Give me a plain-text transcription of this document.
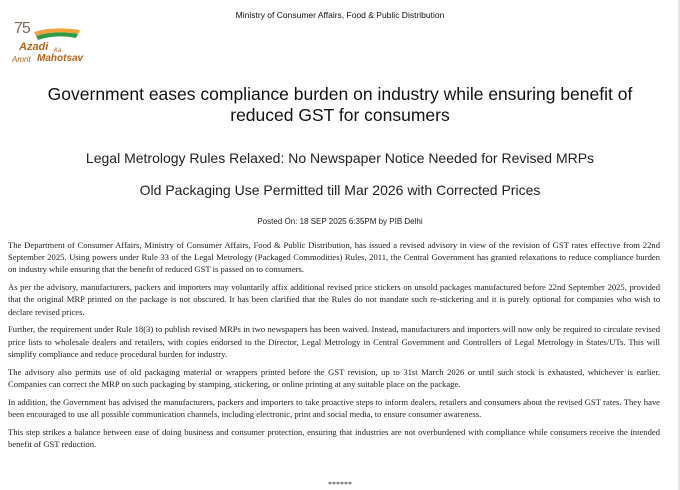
Ministry of Consumer Affairs, Food & Public Distribution
75
Azadi Ka
Amrit Mahotsav
Government eases compliance burden on industry while ensuring benefit of reduced GST for consumers
Legal Metrology Rules Relaxed: No Newspaper Notice Needed for Revised MRPs
Old Packaging Use Permitted till Mar 2026 with Corrected Prices
Posted On: 18 SEP 2025 6:35PM by PIB Delhi

The Department of Consumer Affairs, Ministry of Consumer Affairs, Food & Public Distribution, has issued a revised advisory in view of the revision of GST rates effective from 22nd September 2025. Using powers under Rule 33 of the Legal Metrology (Packaged Commodities) Rules, 2011, the Central Government has granted relaxations to reduce compliance burden on industry while ensuring that the benefit of reduced GST is passed on to consumers.

As per the advisory, manufacturers, packers and importers may voluntarily affix additional revised price stickers on unsold packages manufactured before 22nd September 2025, provided that the original MRP printed on the package is not obscured. It has been clarified that the Rules do not mandate such re-stickering and it is purely optional for companies who wish to declare revised prices.

Further, the requirement under Rule 18(3) to publish revised MRPs in two newspapers has been waived. Instead, manufacturers and importers will now only be required to circulate revised price lists to wholesale dealers and retailers, with copies endorsed to the Director, Legal Metrology in Central Government and Controllers of Legal Metrology in States/UTs. This will simplify compliance and reduce procedural burden for industry.

The advisory also permits use of old packaging material or wrappers printed before the GST revision, up to 31st March 2026 or until such stock is exhausted, whichever is earlier. Companies can correct the MRP on such packaging by stamping, stickering, or online printing at any suitable place on the package.

In addition, the Government has advised the manufacturers, packers and importers to take proactive steps to inform dealers, retailers and consumers about the revised GST rates. They have been encouraged to use all possible communication channels, including electronic, print and social media, to ensure consumer awareness.

This step strikes a balance between ease of doing business and consumer protection, ensuring that industries are not overburdened with compliance while consumers receive the intended benefit of GST reduction.

******
